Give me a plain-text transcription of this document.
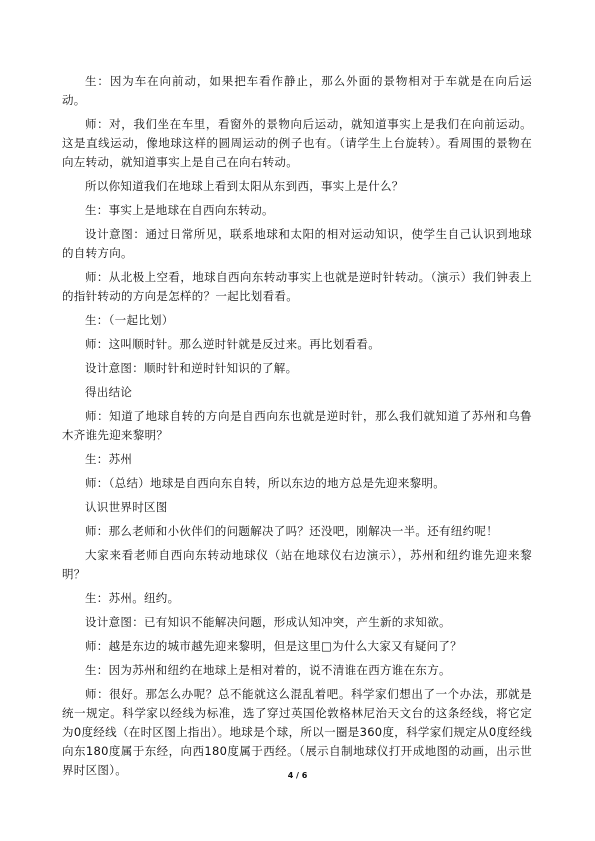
生：因为车在向前动，如果把车看作静止，那么外面的景物相对于车就是在向后运动。

师：对，我们坐在车里，看窗外的景物向后运动，就知道事实上是我们在向前运动。这是直线运动，像地球这样的圆周运动的例子也有。（请学生上台旋转）。看周围的景物在向左转动，就知道事实上是自己在向右转动。

所以你知道我们在地球上看到太阳从东到西，事实上是什么？

生：事实上是地球在自西向东转动。

设计意图：通过日常所见，联系地球和太阳的相对运动知识，使学生自己认识到地球的自转方向。

师：从北极上空看，地球自西向东转动事实上也就是逆时针转动。（演示）我们钟表上的指针转动的方向是怎样的？一起比划看看。

生：（一起比划）

师：这叫顺时针。那么逆时针就是反过来。再比划看看。

设计意图：顺时针和逆时针知识的了解。

得出结论

师：知道了地球自转的方向是自西向东也就是逆时针，那么我们就知道了苏州和乌鲁木齐谁先迎来黎明？

生：苏州

师：（总结）地球是自西向东自转，所以东边的地方总是先迎来黎明。

认识世界时区图

师：那么老师和小伙伴们的问题解决了吗？还没吧，刚解决一半。还有纽约呢！

大家来看老师自西向东转动地球仪（站在地球仪右边演示），苏州和纽约谁先迎来黎明？

生：苏州。纽约。

设计意图：已有知识不能解决问题，形成认知冲突，产生新的求知欲。

师：越是东边的城市越先迎来黎明，但是这里□为什么大家又有疑问了？

生：因为苏州和纽约在地球上是相对着的，说不清谁在西方谁在东方。

师：很好。那怎么办呢？总不能就这么混乱着吧。科学家们想出了一个办法，那就是统一规定。科学家以经线为标准，选了穿过英国伦敦格林尼治天文台的这条经线，将它定为0度经线（在时区图上指出）。地球是个球，所以一圈是360度，科学家们规定从0度经线向东180度属于东经，向西180度属于西经。（展示自制地球仪打开成地图的动画，出示世界时区图）。	4 / 6
